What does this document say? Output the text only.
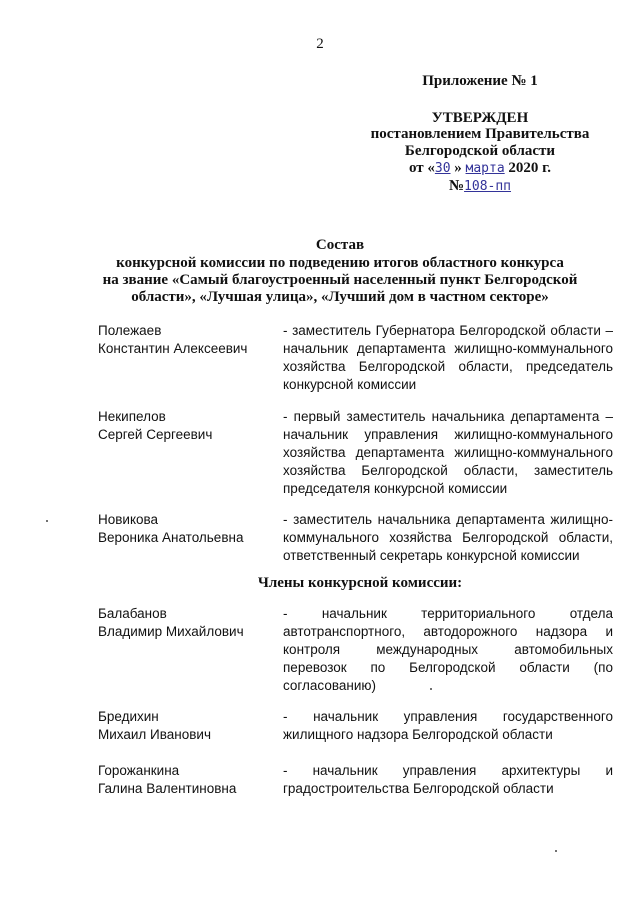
2
Приложение № 1
УТВЕРЖДЕН
постановлением Правительства
Белгородской области
от «30 » марта 2020 г.
№108-пп
Состав
конкурсной комиссии по подведению итогов областного конкурса
на звание «Самый благоустроенный населенный пункт Белгородской
области», «Лучшая улица», «Лучший дом в частном секторе»
Полежаев
Константин Алексеевич
- заместитель Губернатора Белгородской области – начальник департамента жилищно-коммунального хозяйства Белгородской области, председатель конкурсной комиссии
Некипелов
Сергей Сергеевич
- первый заместитель начальника департамента – начальник управления жилищно-коммунального хозяйства департамента жилищно-коммунального хозяйства Белгородской области, заместитель председателя конкурсной комиссии
Новикова
Вероника Анатольевна
- заместитель начальника департамента жилищно-коммунального хозяйства Белгородской области, ответственный секретарь конкурсной комиссии
Члены конкурсной комиссии:
Балабанов
Владимир Михайлович
- начальник территориального отдела автотранспортного, автодорожного надзора и контроля международных автомобильных перевозок по Белгородской области (по согласованию)
Бредихин
Михаил Иванович
- начальник управления государственного жилищного надзора Белгородской области
Горожанкина
Галина Валентиновна
- начальник управления архитектуры и градостроительства Белгородской области
